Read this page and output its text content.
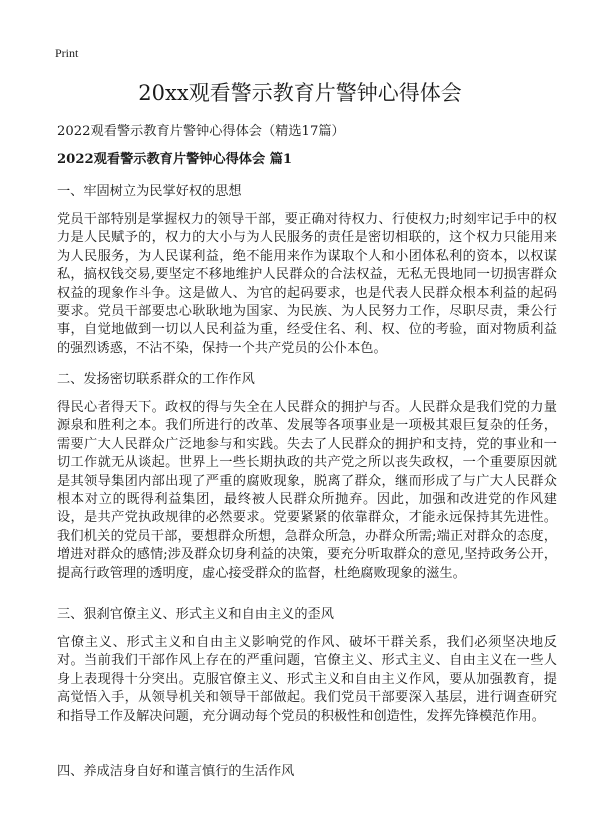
Print
20xx观看警示教育片警钟心得体会

2022观看警示教育片警钟心得体会（精选17篇）

2022观看警示教育片警钟心得体会 篇1
一、牢固树立为民掌好权的思想

党员干部特别是掌握权力的领导干部，要正确对待权力、行使权力;时刻牢记手中的权力是人民赋予的，权力的大小与为人民服务的责任是密切相联的，这个权力只能用来为人民服务，为人民谋利益，绝不能用来作为谋取个人和小团体私利的资本，以权谋私，搞权钱交易,要坚定不移地维护人民群众的合法权益，无私无畏地同一切损害群众权益的现象作斗争。这是做人、为官的起码要求，也是代表人民群众根本利益的起码要求。党员干部要忠心耿耿地为国家、为民族、为人民努力工作，尽职尽责，秉公行事，自觉地做到一切以人民利益为重，经受住名、利、权、位的考验，面对物质利益的强烈诱惑，不沾不染，保持一个共产党员的公仆本色。

二、发扬密切联系群众的工作作风

得民心者得天下。政权的得与失全在人民群众的拥护与否。人民群众是我们党的力量源泉和胜利之本。我们所进行的改革、发展等各项事业是一项极其艰巨复杂的任务，需要广大人民群众广泛地参与和实践。失去了人民群众的拥护和支持，党的事业和一切工作就无从谈起。世界上一些长期执政的共产党之所以丧失政权，一个重要原因就是其领导集团内部出现了严重的腐败现象，脱离了群众，继而形成了与广大人民群众根本对立的既得利益集团，最终被人民群众所抛弃。因此，加强和改进党的作风建设，是共产党执政规律的必然要求。党要紧紧的依靠群众，才能永远保持其先进性。我们机关的党员干部，要想群众所想，急群众所急，办群众所需;端正对群众的态度，增进对群众的感情;涉及群众切身利益的决策，要充分听取群众的意见,坚持政务公开，提高行政管理的透明度，虚心接受群众的监督，杜绝腐败现象的滋生。

三、狠刹官僚主义、形式主义和自由主义的歪风

官僚主义、形式主义和自由主义影响党的作风、破坏干群关系，我们必须坚决地反对。当前我们干部作风上存在的严重问题，官僚主义、形式主义、自由主义在一些人身上表现得十分突出。克服官僚主义、形式主义和自由主义作风，要从加强教育，提高觉悟入手，从领导机关和领导干部做起。我们党员干部要深入基层，进行调查研究和指导工作及解决问题，充分调动每个党员的积极性和创造性，发挥先锋模范作用。

四、养成洁身自好和谨言慎行的生活作风
